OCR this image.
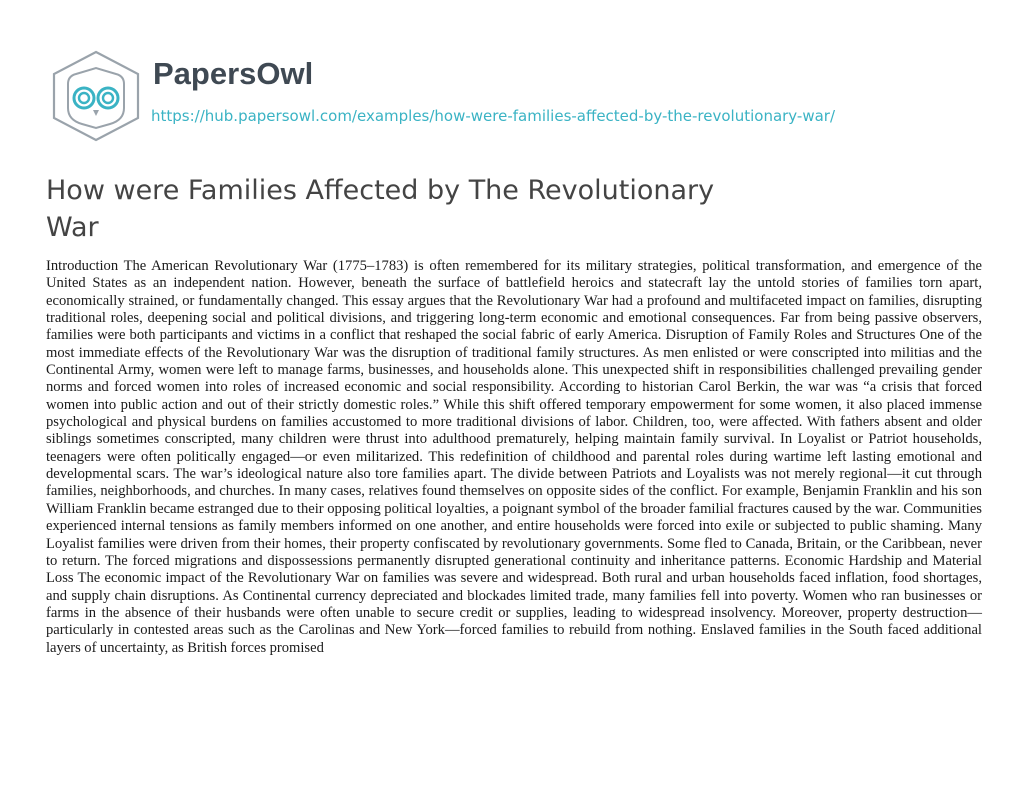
PapersOwl
https://hub.papersowl.com/examples/how-were-families-affected-by-the-revolutionary-war/
How were Families Affected by The Revolutionary War

Introduction The American Revolutionary War (1775–1783) is often remembered for its military strategies, political transformation, and emergence of the United States as an independent nation. However, beneath the surface of battlefield heroics and statecraft lay the untold stories of families torn apart, economically strained, or fundamentally changed. This essay argues that the Revolutionary War had a profound and multifaceted impact on families, disrupting traditional roles, deepening social and political divisions, and triggering long-term economic and emotional consequences. Far from being passive observers, families were both participants and victims in a conflict that reshaped the social fabric of early America. Disruption of Family Roles and Structures One of the most immediate effects of the Revolutionary War was the disruption of traditional family structures. As men enlisted or were conscripted into militias and the Continental Army, women were left to manage farms, businesses, and households alone. This unexpected shift in responsibilities challenged prevailing gender norms and forced women into roles of increased economic and social responsibility. According to historian Carol Berkin, the war was “a crisis that forced women into public action and out of their strictly domestic roles.” While this shift offered temporary empowerment for some women, it also placed immense psychological and physical burdens on families accustomed to more traditional divisions of labor. Children, too, were affected. With fathers absent and older siblings sometimes conscripted, many children were thrust into adulthood prematurely, helping maintain family survival. In Loyalist or Patriot households, teenagers were often politically engaged—or even militarized. This redefinition of childhood and parental roles during wartime left lasting emotional and developmental scars. The war’s ideological nature also tore families apart. The divide between Patriots and Loyalists was not merely regional—it cut through families, neighborhoods, and churches. In many cases, relatives found themselves on opposite sides of the conflict. For example, Benjamin Franklin and his son William Franklin became estranged due to their opposing political loyalties, a poignant symbol of the broader familial fractures caused by the war. Communities experienced internal tensions as family members informed on one another, and entire households were forced into exile or subjected to public shaming. Many Loyalist families were driven from their homes, their property confiscated by revolutionary governments. Some fled to Canada, Britain, or the Caribbean, never to return. The forced migrations and dispossessions permanently disrupted generational continuity and inheritance patterns. Economic Hardship and Material Loss The economic impact of the Revolutionary War on families was severe and widespread. Both rural and urban households faced inflation, food shortages, and supply chain disruptions. As Continental currency depreciated and blockades limited trade, many families fell into poverty. Women who ran businesses or farms in the absence of their husbands were often unable to secure credit or supplies, leading to widespread insolvency. Moreover, property destruction—particularly in contested areas such as the Carolinas and New York—forced families to rebuild from nothing. Enslaved families in the South faced additional layers of uncertainty, as British forces promised
